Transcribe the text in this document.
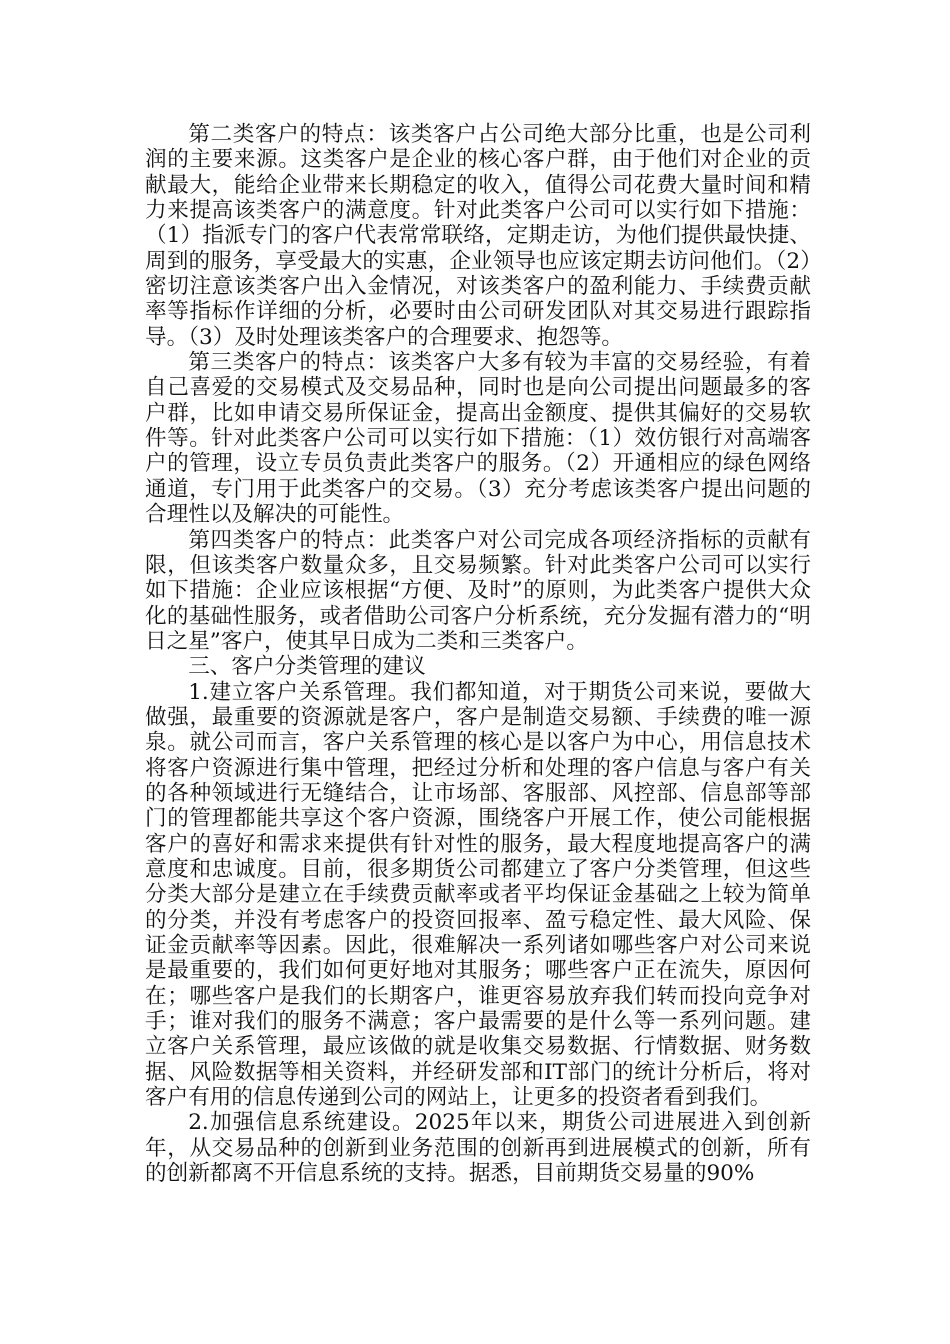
第二类客户的特点：该类客户占公司绝大部分比重，也是公司利润的主要来源。这类客户是企业的核心客户群，由于他们对企业的贡献最大，能给企业带来长期稳定的收入，值得公司花费大量时间和精力来提高该类客户的满意度。针对此类客户公司可以实行如下措施：（1）指派专门的客户代表常常联络，定期走访，为他们提供最快捷、周到的服务，享受最大的实惠，企业领导也应该定期去访问他们。（2）密切注意该类客户出入金情况，对该类客户的盈利能力、手续费贡献率等指标作详细的分析，必要时由公司研发团队对其交易进行跟踪指导。（3）及时处理该类客户的合理要求、抱怨等。

第三类客户的特点：该类客户大多有较为丰富的交易经验，有着自己喜爱的交易模式及交易品种，同时也是向公司提出问题最多的客户群，比如申请交易所保证金，提高出金额度、提供其偏好的交易软件等。针对此类客户公司可以实行如下措施：（1）效仿银行对高端客户的管理，设立专员负责此类客户的服务。（2）开通相应的绿色网络通道，专门用于此类客户的交易。（3）充分考虑该类客户提出问题的合理性以及解决的可能性。

第四类客户的特点：此类客户对公司完成各项经济指标的贡献有限，但该类客户数量众多，且交易频繁。针对此类客户公司可以实行如下措施：企业应该根据“方便、及时”的原则，为此类客户提供大众化的基础性服务，或者借助公司客户分析系统，充分发掘有潜力的“明日之星”客户，使其早日成为二类和三类客户。

三、客户分类管理的建议

1.建立客户关系管理。我们都知道，对于期货公司来说，要做大做强，最重要的资源就是客户，客户是制造交易额、手续费的唯一源泉。就公司而言，客户关系管理的核心是以客户为中心，用信息技术将客户资源进行集中管理，把经过分析和处理的客户信息与客户有关的各种领域进行无缝结合，让市场部、客服部、风控部、信息部等部门的管理都能共享这个客户资源，围绕客户开展工作，使公司能根据客户的喜好和需求来提供有针对性的服务，最大程度地提高客户的满意度和忠诚度。目前，很多期货公司都建立了客户分类管理，但这些分类大部分是建立在手续费贡献率或者平均保证金基础之上较为简单的分类，并没有考虑客户的投资回报率、盈亏稳定性、最大风险、保证金贡献率等因素。因此，很难解决一系列诸如哪些客户对公司来说是最重要的，我们如何更好地对其服务；哪些客户正在流失，原因何在；哪些客户是我们的长期客户，谁更容易放弃我们转而投向竞争对手；谁对我们的服务不满意；客户最需要的是什么等一系列问题。建立客户关系管理，最应该做的就是收集交易数据、行情数据、财务数据、风险数据等相关资料，并经研发部和IT部门的统计分析后，将对客户有用的信息传递到公司的网站上，让更多的投资者看到我们。

2.加强信息系统建设。2025年以来，期货公司进展进入到创新年，从交易品种的创新到业务范围的创新再到进展模式的创新，所有的创新都离不开信息系统的支持。据悉，目前期货交易量的90%
